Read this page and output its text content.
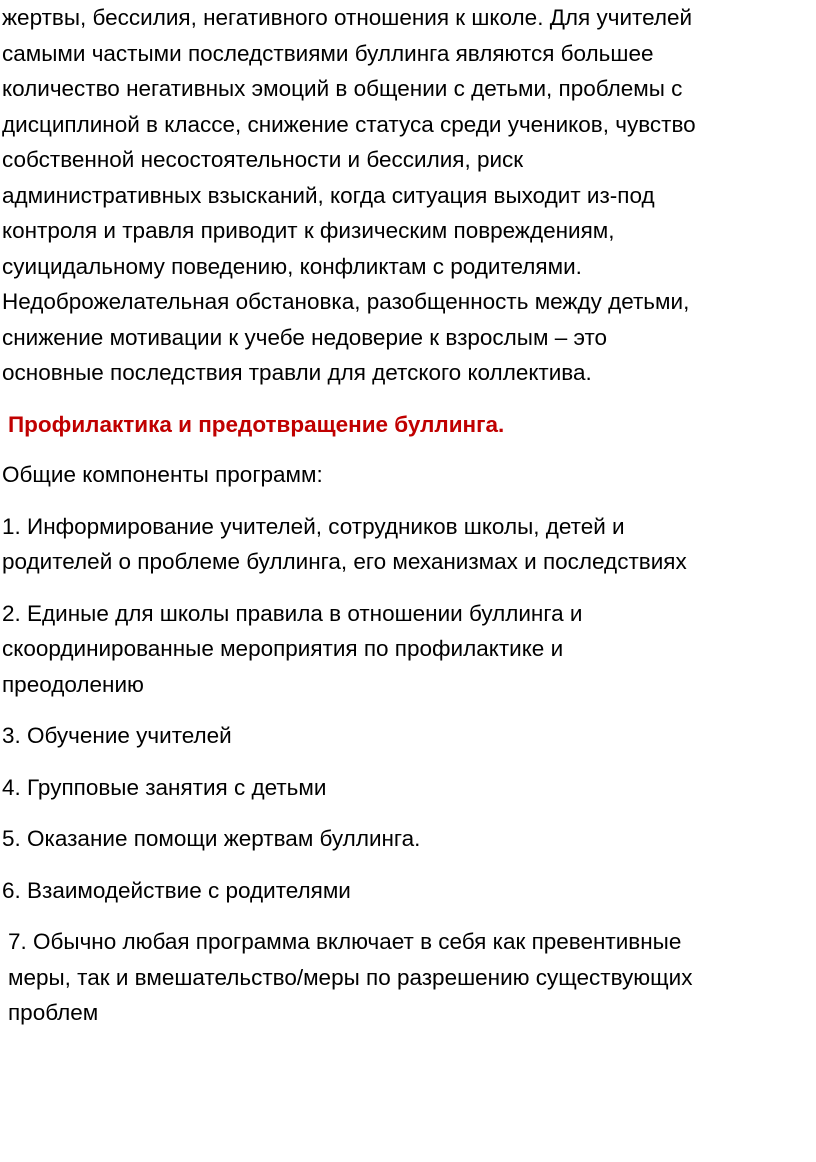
жертвы, бессилия, негативного отношения к школе. Для учителей
самыми частыми последствиями буллинга являются большее
количество негативных эмоций в общении с детьми, проблемы с
дисциплиной в классе, снижение статуса среди учеников, чувство
собственной несостоятельности и бессилия, риск
административных взысканий, когда ситуация выходит из-под
контроля и травля приводит к физическим повреждениям,
суицидальному поведению, конфликтам с родителями.
Недоброжелательная обстановка, разобщенность между детьми,
снижение мотивации к учебе недоверие к взрослым – это
основные последствия травли для детского коллектива.

Профилактика и предотвращение буллинга.

Общие компоненты программ:

1. Информирование учителей, сотрудников школы, детей и
родителей о проблеме буллинга, его механизмах и последствиях

2. Единые для школы правила в отношении буллинга и
скоординированные мероприятия по профилактике и
преодолению

3. Обучение учителей

4. Групповые занятия с детьми

5. Оказание помощи жертвам буллинга.

6. Взаимодействие с родителями

7. Обычно любая программа включает в себя как превентивные
меры, так и вмешательство/меры по разрешению существующих
проблем
